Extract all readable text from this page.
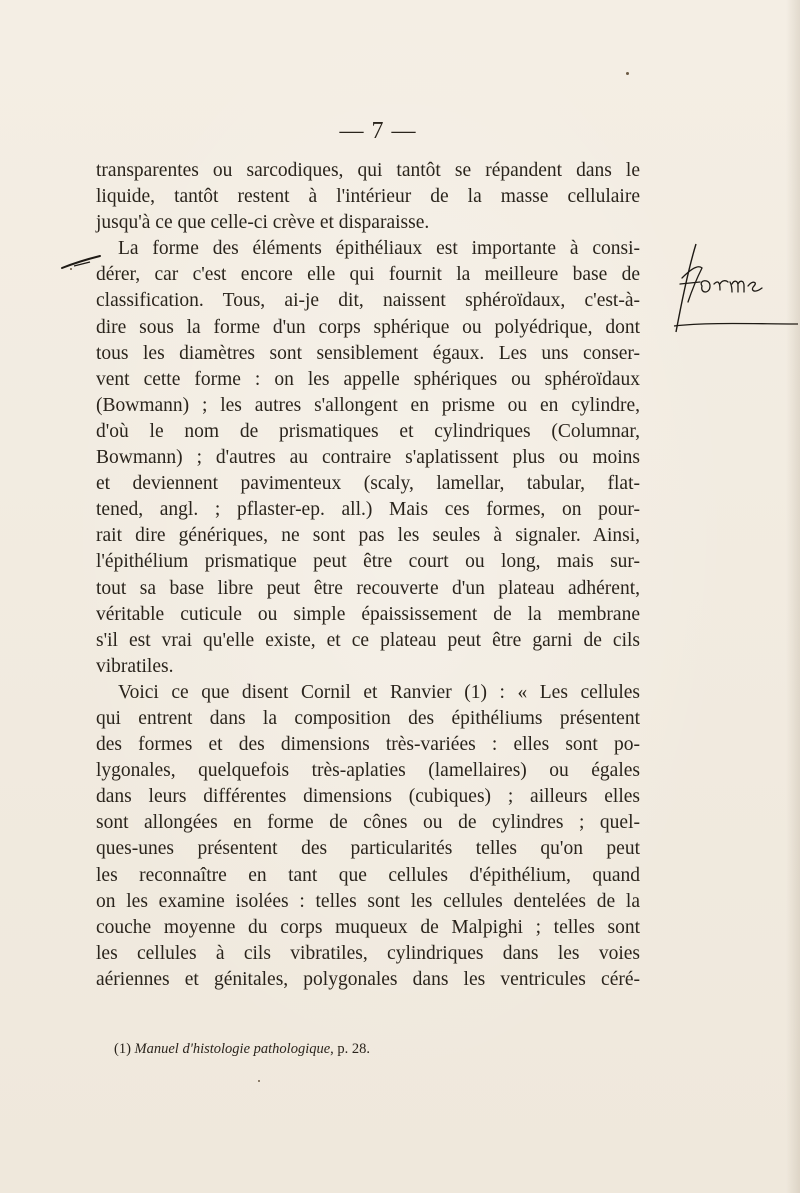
— 7 —
transparentes ou sarcodiques, qui tantôt se répandent dans le
liquide, tantôt restent à l'intérieur de la masse cellulaire
jusqu'à ce que celle-ci crève et disparaisse.
La forme des éléments épithéliaux est importante à consi-
dérer, car c'est encore elle qui fournit la meilleure base de
classification. Tous, ai-je dit, naissent sphéroïdaux, c'est-à-
dire sous la forme d'un corps sphérique ou polyédrique, dont
tous les diamètres sont sensiblement égaux. Les uns conser-
vent cette forme : on les appelle sphériques ou sphéroïdaux
(Bowmann) ; les autres s'allongent en prisme ou en cylindre,
d'où le nom de prismatiques et cylindriques (Columnar,
Bowmann) ; d'autres au contraire s'aplatissent plus ou moins
et deviennent pavimenteux (scaly, lamellar, tabular, flat-
tened, angl. ; pflaster-ep. all.) Mais ces formes, on pour-
rait dire génériques, ne sont pas les seules à signaler. Ainsi,
l'épithélium prismatique peut être court ou long, mais sur-
tout sa base libre peut être recouverte d'un plateau adhérent,
véritable cuticule ou simple épaississement de la membrane
s'il est vrai qu'elle existe, et ce plateau peut être garni de cils
vibratiles.
Voici ce que disent Cornil et Ranvier (1) : « Les cellules
qui entrent dans la composition des épithéliums présentent
des formes et des dimensions très-variées : elles sont po-
lygonales, quelquefois très-aplaties (lamellaires) ou égales
dans leurs différentes dimensions (cubiques) ; ailleurs elles
sont allongées en forme de cônes ou de cylindres ; quel-
ques-unes présentent des particularités telles qu'on peut
les reconnaître en tant que cellules d'épithélium, quand
on les examine isolées : telles sont les cellules dentelées de la
couche moyenne du corps muqueux de Malpighi ; telles sont
les cellules à cils vibratiles, cylindriques dans les voies
aériennes et génitales, polygonales dans les ventricules céré-
(1) Manuel d'histologie pathologique, p. 28.
